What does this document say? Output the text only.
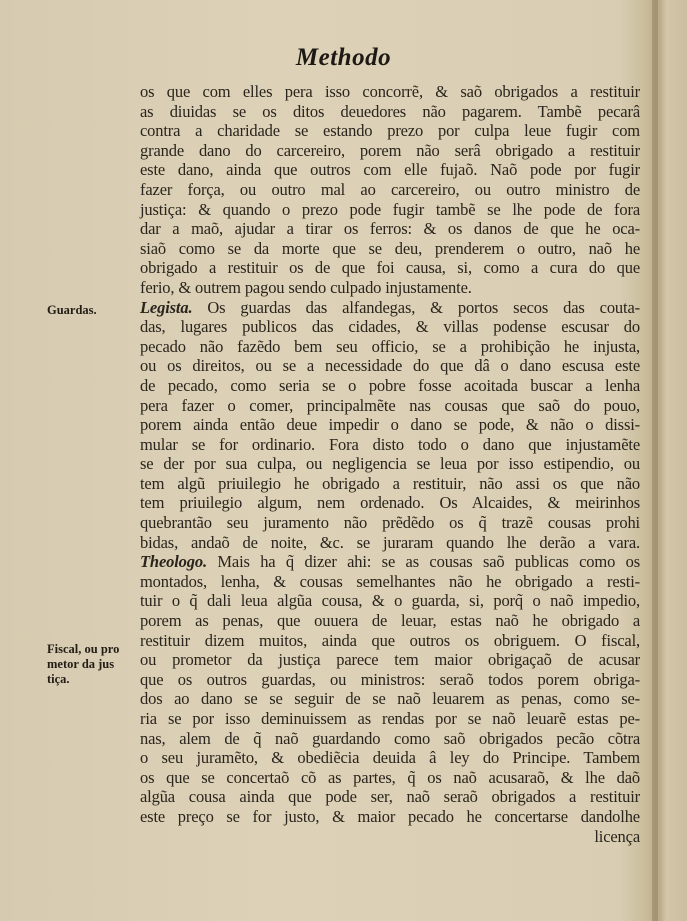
Methodo
os que com elles pera isso concorrẽ, & saõ obrigados a restituir
as diuidas se os ditos deuedores não pagarem. Tambẽ pecarâ
contra a charidade se estando prezo por culpa leue fugir com
grande dano do carcereiro, porem não serâ obrigado a restituir
este dano, ainda que outros com elle fujaõ. Naõ pode por fugir
fazer força, ou outro mal ao carcereiro, ou outro ministro de
justiça: & quando o prezo pode fugir tambẽ se lhe pode de fora
dar a maõ, ajudar a tirar os ferros: & os danos de que he oca-
siaõ como se da morte que se deu, prenderem o outro, naõ he
obrigado a restituir os de que foi causa, si, como a cura do que
ferio, & outrem pagou sendo culpado injustamente.
Legista. Os guardas das alfandegas, & portos secos das couta-
das, lugares publicos das cidades, & villas podense escusar do
pecado não fazẽdo bem seu officio, se a prohibição he injusta,
ou os direitos, ou se a necessidade do que dâ o dano escusa este
de pecado, como seria se o pobre fosse acoitada buscar a lenha
pera fazer o comer, principalmẽte nas cousas que saõ do pouo,
porem ainda então deue impedir o dano se pode, & não o dissi-
mular se for ordinario. Fora disto todo o dano que injustamẽte
se der por sua culpa, ou negligencia se leua por isso estipendio, ou
tem algũ priuilegio he obrigado a restituir, não assi os que não
tem priuilegio algum, nem ordenado. Os Alcaides, & meirinhos
quebrantão seu juramento não prẽdẽdo os q̃ trazẽ cousas prohi
bidas, andaõ de noite, &c. se juraram quando lhe derão a vara.
Theologo. Mais ha q̃ dizer ahi: se as cousas saõ publicas como os
montados, lenha, & cousas semelhantes não he obrigado a resti-
tuir o q̃ dali leua algũa cousa, & o guarda, si, porq̃ o naõ impedio,
porem as penas, que ouuera de leuar, estas naõ he obrigado a
restituir dizem muitos, ainda que outros os obriguem. O fiscal,
ou prometor da justiça parece tem maior obrigaçaõ de acusar
que os outros guardas, ou ministros: seraõ todos porem obriga-
dos ao dano se se seguir de se naõ leuarem as penas, como se-
ria se por isso deminuissem as rendas por se naõ leuarẽ estas pe-
nas, alem de q̃ naõ guardando como saõ obrigados pecão cõtra
o seu juramẽto, & obediẽcia deuida â ley do Principe. Tambem
os que se concertaõ cõ as partes, q̃ os naõ acusaraõ, & lhe daõ
algũa cousa ainda que pode ser, naõ seraõ obrigados a restituir
este preço se for justo, & maior pecado he concertarse dandolhe
licença
Guardas.
Fiscal, ou pro
metor da jus
tiça.
